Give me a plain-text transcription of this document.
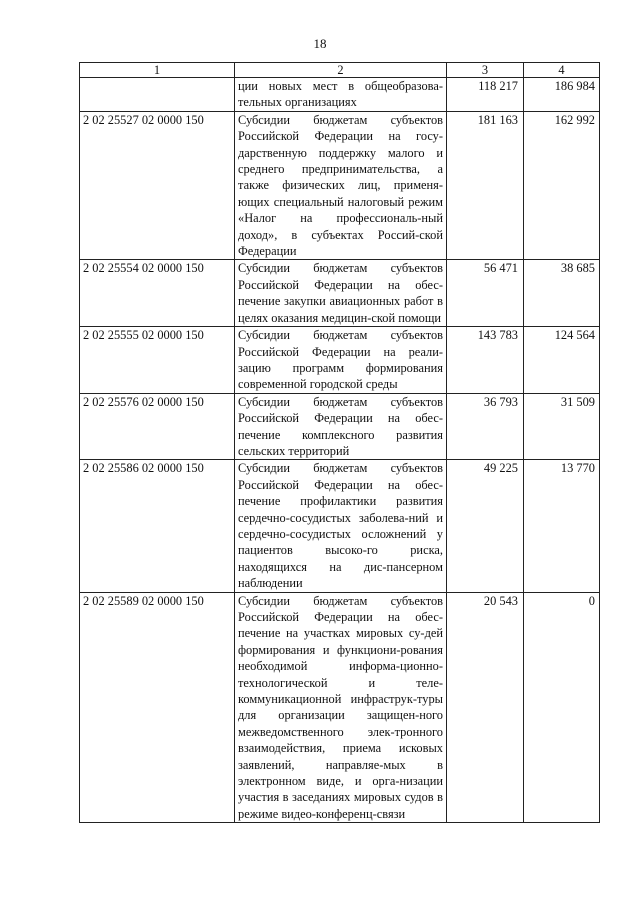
18
1	2	3	4
	ции новых мест в общеобразова-тельных организациях	118 217	186 984
2 02 25527 02 0000 150	Субсидии бюджетам субъектов Российской Федерации на госу-дарственную поддержку малого и среднего предпринимательства, а также физических лиц, применя-ющих специальный налоговый режим «Налог на профессиональ-ный доход», в субъектах Россий-ской Федерации	181 163	162 992
2 02 25554 02 0000 150	Субсидии бюджетам субъектов Российской Федерации на обес-печение закупки авиационных работ в целях оказания медицин-ской помощи	56 471	38 685
2 02 25555 02 0000 150	Субсидии бюджетам субъектов Российской Федерации на реали-зацию программ формирования современной городской среды	143 783	124 564
2 02 25576 02 0000 150	Субсидии бюджетам субъектов Российской Федерации на обес-печение комплексного развития сельских территорий	36 793	31 509
2 02 25586 02 0000 150	Субсидии бюджетам субъектов Российской Федерации на обес-печение профилактики развития сердечно-сосудистых заболева-ний и сердечно-сосудистых осложнений у пациентов высоко-го риска, находящихся на дис-пансерном наблюдении	49 225	13 770
2 02 25589 02 0000 150	Субсидии бюджетам субъектов Российской Федерации на обес-печение на участках мировых су-дей формирования и функциони-рования необходимой информа-ционно-технологической и теле-коммуникационной инфраструк-туры для организации защищен-ного межведомственного элек-тронного взаимодействия, приема исковых заявлений, направляе-мых в электронном виде, и орга-низации участия в заседаниях мировых судов в режиме видео-конференц-связи	20 543	0
